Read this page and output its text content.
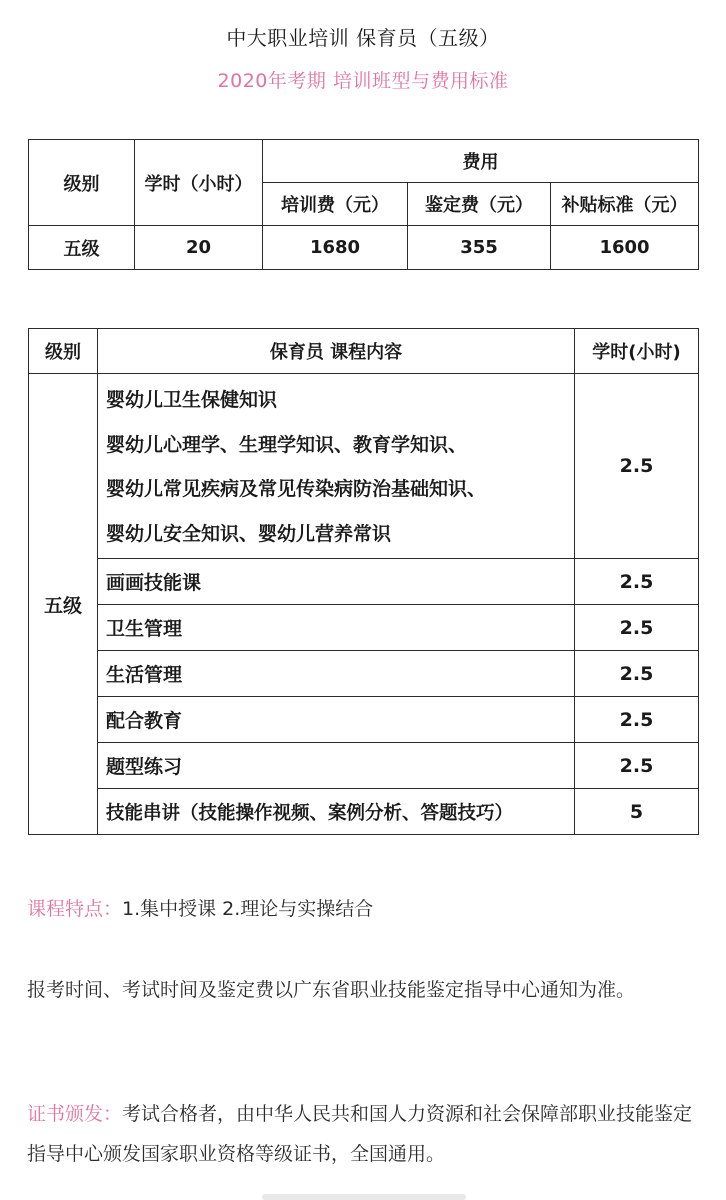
中大职业培训 保育员（五级）
2020年考期 培训班型与费用标准
级别	学时（小时）	费用		
		培训费（元）	鉴定费（元）	补贴标准（元）
五级	20	1680	355	1600
级别	保育员 课程内容	学时(小时)
五级	婴幼儿卫生保健知识
婴幼儿心理学、生理学知识、教育学知识、
婴幼儿常见疾病及常见传染病防治基础知识、
婴幼儿安全知识、婴幼儿营养常识	2.5
	画画技能课	2.5
	卫生管理	2.5
	生活管理	2.5
	配合教育	2.5
	题型练习	2.5
	技能串讲（技能操作视频、案例分析、答题技巧）	5
课程特点：1.集中授课 2.理论与实操结合
报考时间、考试时间及鉴定费以广东省职业技能鉴定指导中心通知为准。
证书颁发：考试合格者，由中华人民共和国人力资源和社会保障部职业技能鉴定指导中心颁发国家职业资格等级证书，全国通用。
